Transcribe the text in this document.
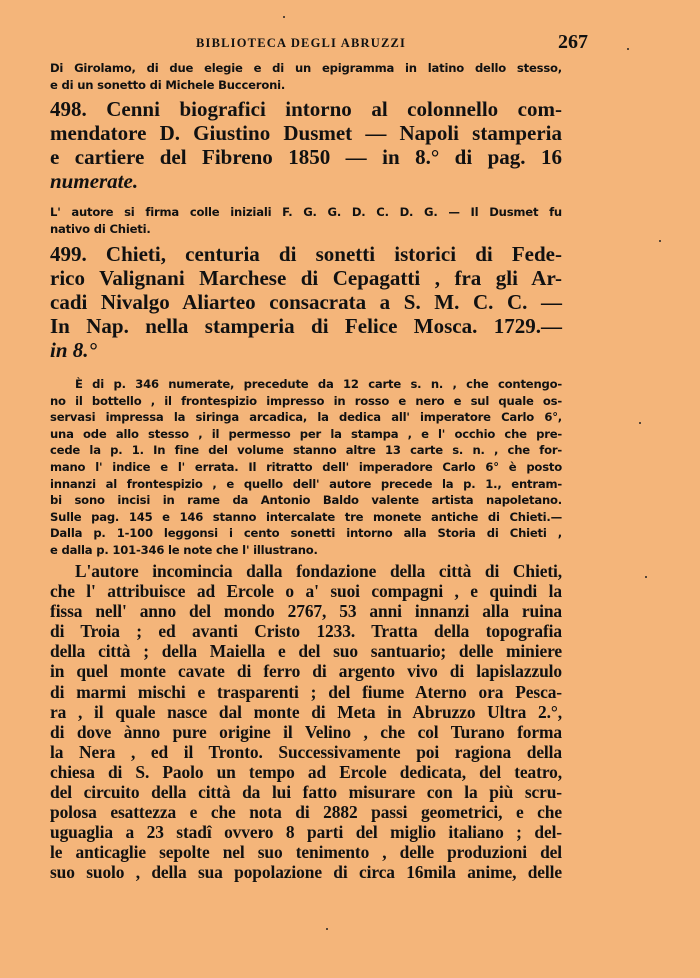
BIBLIOTECA DEGLI ABRUZZI	267
Di Girolamo, di due elegie e di un epigramma in latino dello stesso,
e di un sonetto di Michele Bucceroni.
498. Cenni biografici intorno al colonnello com-
mendatore D. Giustino Dusmet — Napoli stamperia
e cartiere del Fibreno 1850 — in 8.° di pag. 16
numerate.
L' autore si firma colle iniziali F. G. G. D. C. D. G. — Il Dusmet fu
nativo di Chieti.
499. Chieti, centuria di sonetti istorici di Fede-
rico Valignani Marchese di Cepagatti , fra gli Ar-
cadi Nivalgo Aliarteo consacrata a S. M. C. C. —
In Nap. nella stamperia di Felice Mosca. 1729.—
in 8.°
È di p. 346 numerate, precedute da 12 carte s. n. , che contengo-
no il bottello , il frontespizio impresso in rosso e nero e sul quale os-
servasi impressa la siringa arcadica, la dedica all' imperatore Carlo 6°,
una ode allo stesso , il permesso per la stampa , e l' occhio che pre-
cede la p. 1. In fine del volume stanno altre 13 carte s. n. , che for-
mano l' indice e l' errata. Il ritratto dell' imperadore Carlo 6° è posto
innanzi al frontespizio , e quello dell' autore precede la p. 1., entram-
bi sono incisi in rame da Antonio Baldo valente artista napoletano.
Sulle pag. 145 e 146 stanno intercalate tre monete antiche di Chieti.—
Dalla p. 1-100 leggonsi i cento sonetti intorno alla Storia di Chieti ,
e dalla p. 101-346 le note che l' illustrano.
L'autore incomincia dalla fondazione della città di Chieti,
che l' attribuisce ad Ercole o a' suoi compagni , e quindi la
fissa nell' anno del mondo 2767, 53 anni innanzi alla ruina
di Troia ; ed avanti Cristo 1233. Tratta della topografia
della città ; della Maiella e del suo santuario; delle miniere
in quel monte cavate di ferro di argento vivo di lapislazzulo
di marmi mischi e trasparenti ; del fiume Aterno ora Pesca-
ra , il quale nasce dal monte di Meta in Abruzzo Ultra 2.°,
di dove ànno pure origine il Velino , che col Turano forma
la Nera , ed il Tronto. Successivamente poi ragiona della
chiesa di S. Paolo un tempo ad Ercole dedicata, del teatro,
del circuito della città da lui fatto misurare con la più scru-
polosa esattezza e che nota di 2882 passi geometrici, e che
uguaglia a 23 stadî ovvero 8 parti del miglio italiano ; del-
le anticaglie sepolte nel suo tenimento , delle produzioni del
suo suolo , della sua popolazione di circa 16mila anime, delle
